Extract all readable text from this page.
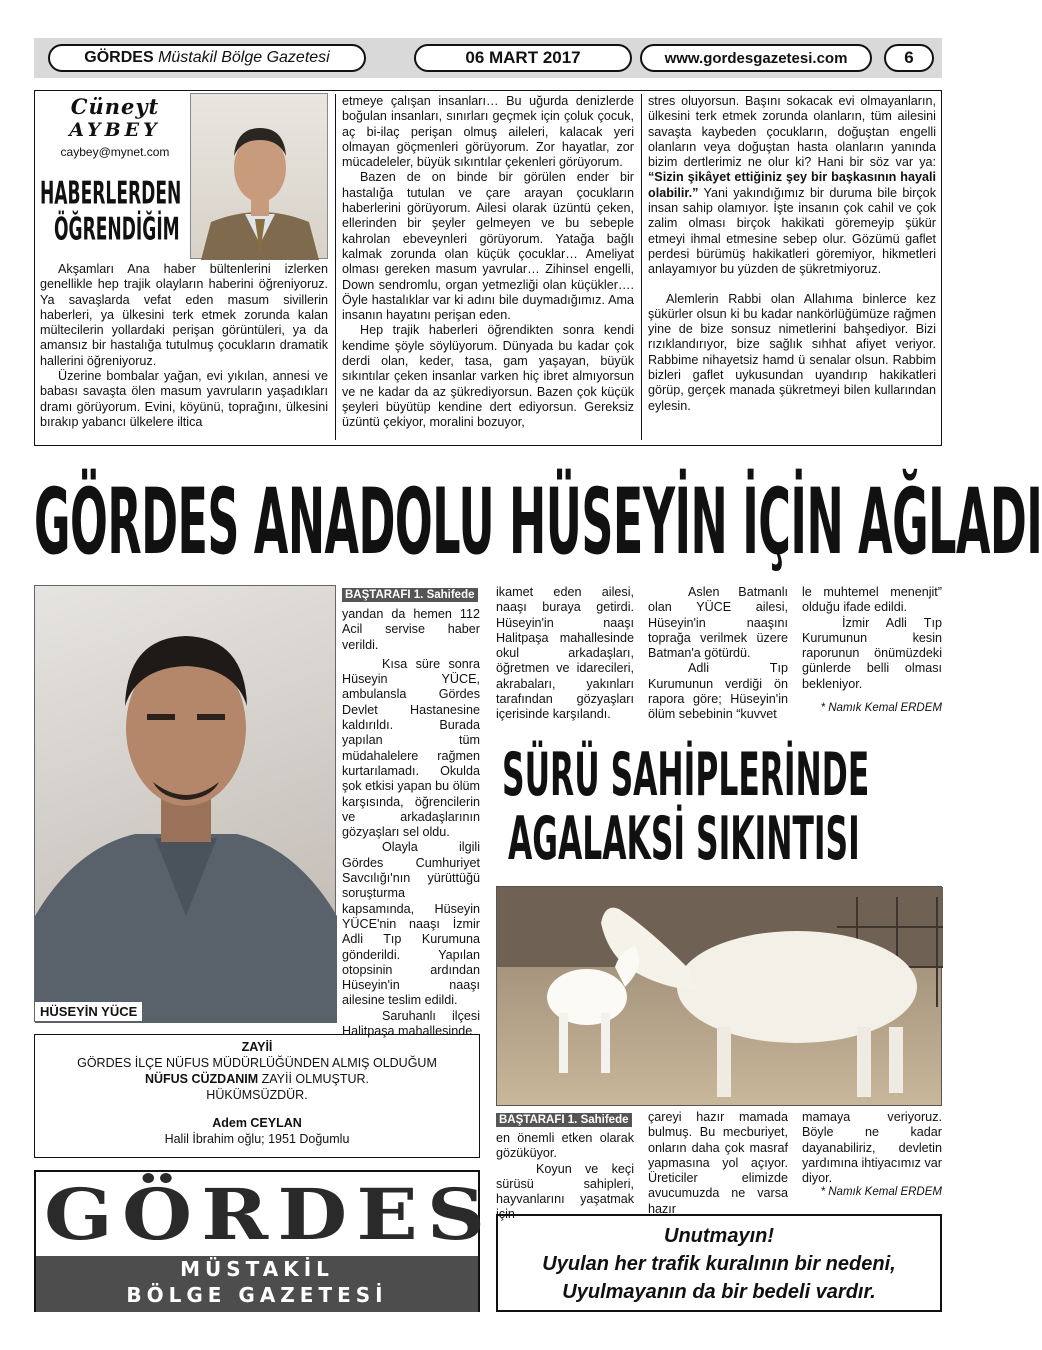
GÖRDES
Müstakil Bölge Gazetesi	06 MART 2017	www.gordesgazetesi.com	6
Cüneyt
AYBEY
caybey@mynet.com
HABERLERDEN
ÖĞRENDİĞİM

Akşamları Ana haber bültenlerini izlerken genellikle hep trajik olayların haberini öğreniyoruz. Ya savaşlarda vefat eden masum sivillerin haberleri, ya ülkesini terk etmek zorunda kalan mültecilerin yollardaki perişan görüntüleri, ya da amansız bir hastalığa tutulmuş çocukların dramatik hallerini öğreniyoruz.

Üzerine bombalar yağan, evi yıkılan, annesi ve babası savaşta ölen masum yavruların yaşadıkları dramı görüyorum. Evini, köyünü, toprağını, ülkesini bırakıp yabancı ülkelere iltica

etmeye çalışan insanları… Bu uğurda denizlerde boğulan insanları, sınırları geçmek için çoluk çocuk, aç bi-ilaç perişan olmuş aileleri, kalacak yeri olmayan göçmenleri görüyorum. Zor hayatlar, zor mücadeleler, büyük sıkıntılar çekenleri görüyorum.

Bazen de on binde bir görülen ender bir hastalığa tutulan ve çare arayan çocukların haberlerini görüyorum. Ailesi olarak üzüntü çeken, ellerinden bir şeyler gelmeyen ve bu sebeple kahrolan ebeveynleri görüyorum. Yatağa bağlı kalmak zorunda olan küçük çocuklar… Ameliyat olması gereken masum yavrular… Zihinsel engelli, Down sendromlu, organ yetmezliği olan küçükler…. Öyle hastalıklar var ki adını bile duymadığımız. Ama insanın hayatını perişan eden.

Hep trajik haberleri öğrendikten sonra kendi kendime şöyle söylüyorum. Dünyada bu kadar çok derdi olan, keder, tasa, gam yaşayan, büyük sıkıntılar çeken insanlar varken hiç ibret almıyorsun ve ne kadar da az şükrediyorsun. Bazen çok küçük şeyleri büyütüp kendine dert ediyorsun. Gereksiz üzüntü çekiyor, moralini bozuyor,

stres oluyorsun. Başını sokacak evi olmayanların, ülkesini terk etmek zorunda olanların, tüm ailesini savaşta kaybeden çocukların, doğuştan engelli olanların veya doğuştan hasta olanların yanında bizim dertlerimiz ne olur ki? Hani bir söz var ya: “Sizin şikâyet ettiğiniz şey bir başkasının hayali olabilir.” Yani yakındığımız bir duruma bile birçok insan sahip olamıyor. İşte insanın çok cahil ve çok zalim olması birçok hakikati göremeyip şükür etmeyi ihmal etmesine sebep olur. Gözümü gaflet perdesi bürümüş hakikatleri göremiyor, hikmetleri anlayamıyor bu yüzden de şükretmiyoruz.

Alemlerin Rabbi olan Allahıma binlerce kez şükürler olsun ki bu kadar nankörlüğümüze rağmen yine de bize sonsuz nimetlerini bahşediyor. Bizi rızıklandırıyor, bize sağlık sıhhat afiyet veriyor. Rabbime nihayetsiz hamd ü senalar olsun. Rabbim bizleri gaflet uykusundan uyandırıp hakikatleri görüp, gerçek manada şükretmeyi bilen kullarından eylesin.

GÖRDES ANADOLU HÜSEYİN İÇİN AĞLADI
HÜSEYİN YÜCE
BAŞTARAFI 1. Sahifede

yandan da hemen 112 Acil servise haber verildi.

Kısa süre sonra Hüseyin YÜCE, ambulansla Gördes Devlet Hastanesine kaldırıldı. Burada yapılan tüm müdahalelere rağmen kurtarılamadı. Okulda şok etkisi yapan bu ölüm karşısında, öğrencilerin ve arkadaşlarının gözyaşları sel oldu.

Olayla ilgili Gördes Cumhuriyet Savcılığı'nın yürüttüğü soruşturma kapsamında, Hüseyin YÜCE'nin naaşı İzmir Adli Tıp Kurumuna gönderildi. Yapılan otopsinin ardından Hüseyin'in naaşı ailesine teslim edildi.

Saruhanlı ilçesi Halitpaşa mahallesinde

ikamet eden ailesi, naaşı buraya getirdi. Hüseyin'in naaşı Halitpaşa mahallesinde okul arkadaşları, öğretmen ve idarecileri, akrabaları, yakınları tarafından gözyaşları içerisinde karşılandı.

Aslen Batmanlı olan YÜCE ailesi, Hüseyin'in naaşını toprağa verilmek üzere Batman'a götürdü.

Adli Tıp Kurumunun verdiği ön rapora göre; Hüseyin'in ölüm sebebinin “kuvvet

le muhtemel menenjit” olduğu ifade edildi.

İzmir Adli Tıp Kurumunun kesin raporunun önümüzdeki günlerde belli olması bekleniyor.

* Namık Kemal ERDEM
SÜRÜ SAHİPLERİNDE
AGALAKSİ SIKINTISI
BAŞTARAFI 1. Sahifede

en önemli etken olarak gözüküyor.

Koyun ve keçi sürüsü sahipleri, hayvanlarını yaşatmak için

çareyi hazır mamada bulmuş. Bu mecburiyet, onların daha çok masraf yapmasına yol açıyor. Üreticiler elimizde avucumuzda ne varsa hazır

mamaya veriyoruz. Böyle ne kadar dayanabiliriz, devletin yardımına ihtiyacımız var diyor.

* Namık Kemal ERDEM
ZAYİİ
GÖRDES İLÇE NÜFUS MÜDÜRLÜĞÜNDEN ALMIŞ OLDUĞUM
NÜFUS CÜZDANIM ZAYİİ OLMUŞTUR.
HÜKÜMSÜZDÜR.
Adem CEYLAN
Halil İbrahim oğlu; 1951 Doğumlu
GÖRDES
MÜSTAKİL
BÖLGE GAZETESİ
Unutmayın!
Uyulan her trafik kuralının bir nedeni,
Uyulmayanın da bir bedeli vardır.
